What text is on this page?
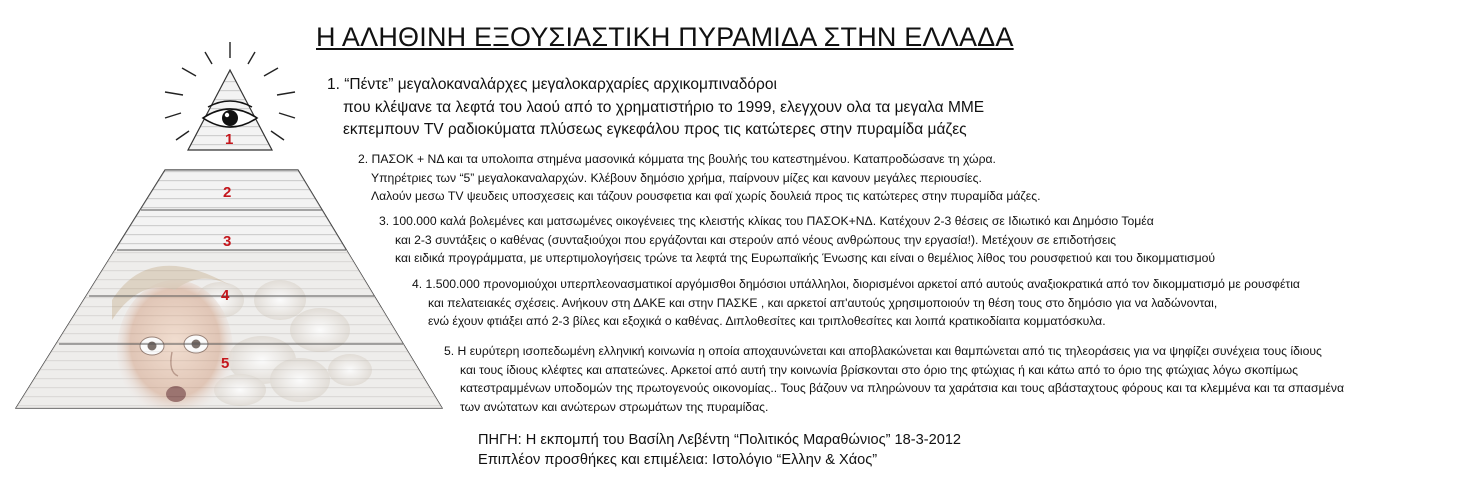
Η ΑΛΗΘΙΝΗ ΕΞΟΥΣΙΑΣΤΙΚΗ ΠΥΡΑΜΙΔΑ ΣΤΗΝ ΕΛΛΑΔΑ
1
2
3
4
5
1. “Πέντε” μεγαλοκαναλάρχες μεγαλοκαρχαρίες αρχικομπιναδόροι
που κλέψανε τα λεφτά του λαού από το χρηματιστήριο το 1999, ελεγχουν ολα τα μεγαλα ΜΜΕ
εκπεμπουν TV ραδιοκύματα πλύσεως εγκεφάλου προς τις κατώτερες στην πυραμίδα μάζες
2. ΠΑΣΟΚ + ΝΔ και τα υπολοιπα στημένα μασονικά κόμματα της βουλής του κατεστημένου. Καταπροδώσανε τη χώρα.
Υπηρέτριες των “5” μεγαλοκαναλαρχών. Κλέβουν δημόσιο χρήμα, παίρνουν μίζες και κανουν μεγάλες περιουσίες.
Λαλούν μεσω TV ψευδεις υποσχεσεις και τάζουν ρουσφετια και φαϊ χωρίς δουλειά προς τις κατώτερες στην πυραμίδα μάζες.
3. 100.000 καλά βολεμένες και ματσωμένες οικογένειες της κλειστής κλίκας του ΠΑΣΟΚ+ΝΔ. Κατέχουν 2-3 θέσεις σε Ιδιωτικό και Δημόσιο Τομέα
και 2-3 συντάξεις ο καθένας (συνταξιούχοι που εργάζονται και στερούν από νέους ανθρώπους την εργασία!). Μετέχουν σε επιδοτήσεις
και ειδικά προγράμματα, με υπερτιμολογήσεις τρώνε τα λεφτά της Ευρωπαϊκής Ένωσης και είναι ο θεμέλιος λίθος του ρουσφετιού και του δικομματισμού
4. 1.500.000 προνομιούχοι υπερπλεονασματικοί αργόμισθοι δημόσιοι υπάλληλοι, διορισμένοι αρκετοί από αυτούς αναξιοκρατικά από τον δικομματισμό με ρουσφέτια
και πελατειακές σχέσεις. Ανήκουν στη ΔΑΚΕ και στην ΠΑΣΚΕ , και αρκετοί απ'αυτούς χρησιμοποιούν τη θέση τους στο δημόσιο για να λαδώνονται,
ενώ έχουν φτιάξει από 2-3 βίλες και εξοχικά ο καθένας. Διπλοθεσίτες και τριπλοθεσίτες και λοιπά κρατικοδίαιτα κομματόσκυλα.
5. Η ευρύτερη ισοπεδωμένη ελληνική κοινωνία η οποία αποχαυνώνεται και αποβλακώνεται και θαμπώνεται από τις τηλεοράσεις για να ψηφίζει συνέχεια τους ίδιους
και τους ίδιους κλέφτες και απατεώνες. Αρκετοί από αυτή την κοινωνία βρίσκονται στο όριο της φτώχιας ή και κάτω από το όριο της φτώχιας λόγω σκοπίμως
κατεστραμμένων υποδομών της πρωτογενούς οικονομίας.. Τους βάζουν να πληρώνουν τα χαράτσια και τους αβάσταχτους φόρους και τα κλεμμένα και τα σπασμένα
των ανώτατων και ανώτερων στρωμάτων της πυραμίδας.
ΠΗΓΗ: Η εκπομπή του Βασίλη Λεβέντη “Πολιτικός Μαραθώνιος” 18-3-2012
Επιπλέον προσθήκες και επιμέλεια: Ιστολόγιο “Ελλην & Χάος”
